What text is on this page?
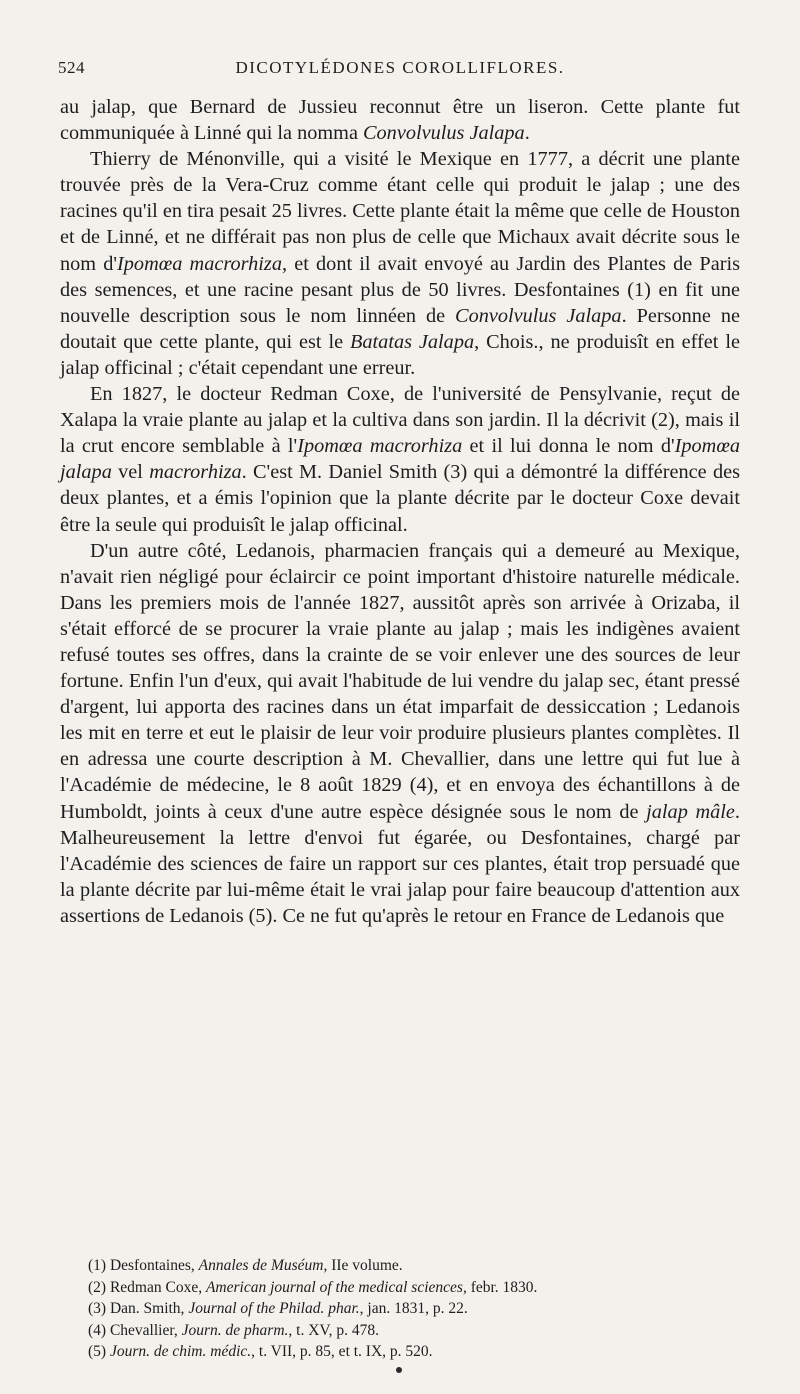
524	DICOTYLÉDONES COROLLIFLORES.

au jalap, que Bernard de Jussieu reconnut être un liseron. Cette plante fut communiquée à Linné qui la nomma Convolvulus Jalapa.

Thierry de Ménonville, qui a visité le Mexique en 1777, a décrit une plante trouvée près de la Vera-Cruz comme étant celle qui produit le jalap ; une des racines qu'il en tira pesait 25 livres. Cette plante était la même que celle de Houston et de Linné, et ne différait pas non plus de celle que Michaux avait décrite sous le nom d'Ipomœa macrorhiza, et dont il avait envoyé au Jardin des Plantes de Paris des semences, et une racine pesant plus de 50 livres. Desfontaines (1) en fit une nouvelle description sous le nom linnéen de Convolvulus Jalapa. Personne ne doutait que cette plante, qui est le Batatas Jalapa, Chois., ne produisît en effet le jalap officinal ; c'était cependant une erreur.

En 1827, le docteur Redman Coxe, de l'université de Pensylvanie, reçut de Xalapa la vraie plante au jalap et la cultiva dans son jardin. Il la décrivit (2), mais il la crut encore semblable à l'Ipomœa macrorhiza et il lui donna le nom d'Ipomœa jalapa vel macrorhiza. C'est M. Daniel Smith (3) qui a démontré la différence des deux plantes, et a émis l'opinion que la plante décrite par le docteur Coxe devait être la seule qui produisît le jalap officinal.

D'un autre côté, Ledanois, pharmacien français qui a demeuré au Mexique, n'avait rien négligé pour éclaircir ce point important d'histoire naturelle médicale. Dans les premiers mois de l'année 1827, aussitôt après son arrivée à Orizaba, il s'était efforcé de se procurer la vraie plante au jalap ; mais les indigènes avaient refusé toutes ses offres, dans la crainte de se voir enlever une des sources de leur fortune. Enfin l'un d'eux, qui avait l'habitude de lui vendre du jalap sec, étant pressé d'argent, lui apporta des racines dans un état imparfait de dessiccation ; Ledanois les mit en terre et eut le plaisir de leur voir produire plusieurs plantes complètes. Il en adressa une courte description à M. Chevallier, dans une lettre qui fut lue à l'Académie de médecine, le 8 août 1829 (4), et en envoya des échantillons à de Humboldt, joints à ceux d'une autre espèce désignée sous le nom de jalap mâle. Malheureusement la lettre d'envoi fut égarée, ou Desfontaines, chargé par l'Académie des sciences de faire un rapport sur ces plantes, était trop persuadé que la plante décrite par lui-même était le vrai jalap pour faire beaucoup d'attention aux assertions de Ledanois (5). Ce ne fut qu'après le retour en France de Ledanois que

(1) Desfontaines, Annales de Muséum, IIe volume.
(2) Redman Coxe, American journal of the medical sciences, febr. 1830.
(3) Dan. Smith, Journal of the Philad. phar., jan. 1831, p. 22.
(4) Chevallier, Journ. de pharm., t. XV, p. 478.
(5) Journ. de chim. médic., t. VII, p. 85, et t. IX, p. 520.
